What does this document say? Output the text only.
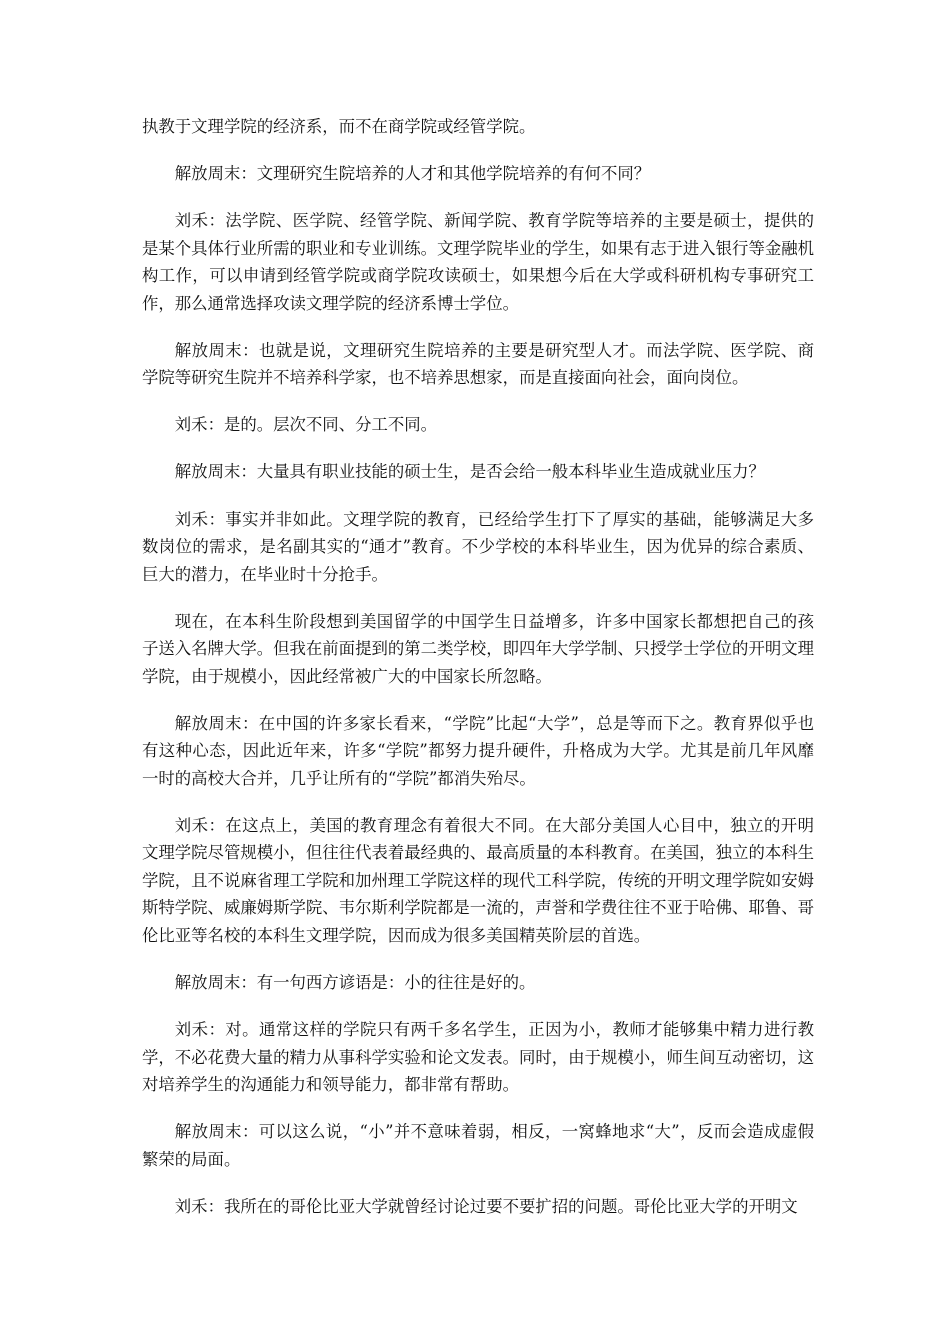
执教于文理学院的经济系，而不在商学院或经管学院。

解放周末：文理研究生院培养的人才和其他学院培养的有何不同？

刘禾：法学院、医学院、经管学院、新闻学院、教育学院等培养的主要是硕士，提供的是某个具体行业所需的职业和专业训练。文理学院毕业的学生，如果有志于进入银行等金融机构工作，可以申请到经管学院或商学院攻读硕士，如果想今后在大学或科研机构专事研究工作，那么通常选择攻读文理学院的经济系博士学位。

解放周末：也就是说，文理研究生院培养的主要是研究型人才。而法学院、医学院、商学院等研究生院并不培养科学家，也不培养思想家，而是直接面向社会，面向岗位。

刘禾：是的。层次不同、分工不同。

解放周末：大量具有职业技能的硕士生，是否会给一般本科毕业生造成就业压力？

刘禾：事实并非如此。文理学院的教育，已经给学生打下了厚实的基础，能够满足大多数岗位的需求，是名副其实的“通才”教育。不少学校的本科毕业生，因为优异的综合素质、巨大的潜力，在毕业时十分抢手。

现在，在本科生阶段想到美国留学的中国学生日益增多，许多中国家长都想把自己的孩子送入名牌大学。但我在前面提到的第二类学校，即四年大学学制、只授学士学位的开明文理学院，由于规模小，因此经常被广大的中国家长所忽略。

解放周末：在中国的许多家长看来，“学院”比起“大学”，总是等而下之。教育界似乎也有这种心态，因此近年来，许多“学院”都努力提升硬件，升格成为大学。尤其是前几年风靡一时的高校大合并，几乎让所有的“学院”都消失殆尽。

刘禾：在这点上，美国的教育理念有着很大不同。在大部分美国人心目中，独立的开明文理学院尽管规模小，但往往代表着最经典的、最高质量的本科教育。在美国，独立的本科生学院，且不说麻省理工学院和加州理工学院这样的现代工科学院，传统的开明文理学院如安姆斯特学院、威廉姆斯学院、韦尔斯利学院都是一流的，声誉和学费往往不亚于哈佛、耶鲁、哥伦比亚等名校的本科生文理学院，因而成为很多美国精英阶层的首选。

解放周末：有一句西方谚语是：小的往往是好的。

刘禾：对。通常这样的学院只有两千多名学生，正因为小，教师才能够集中精力进行教学，不必花费大量的精力从事科学实验和论文发表。同时，由于规模小，师生间互动密切，这对培养学生的沟通能力和领导能力，都非常有帮助。

解放周末：可以这么说，“小”并不意味着弱，相反，一窝蜂地求“大”，反而会造成虚假繁荣的局面。

刘禾：我所在的哥伦比亚大学就曾经讨论过要不要扩招的问题。哥伦比亚大学的开明文
